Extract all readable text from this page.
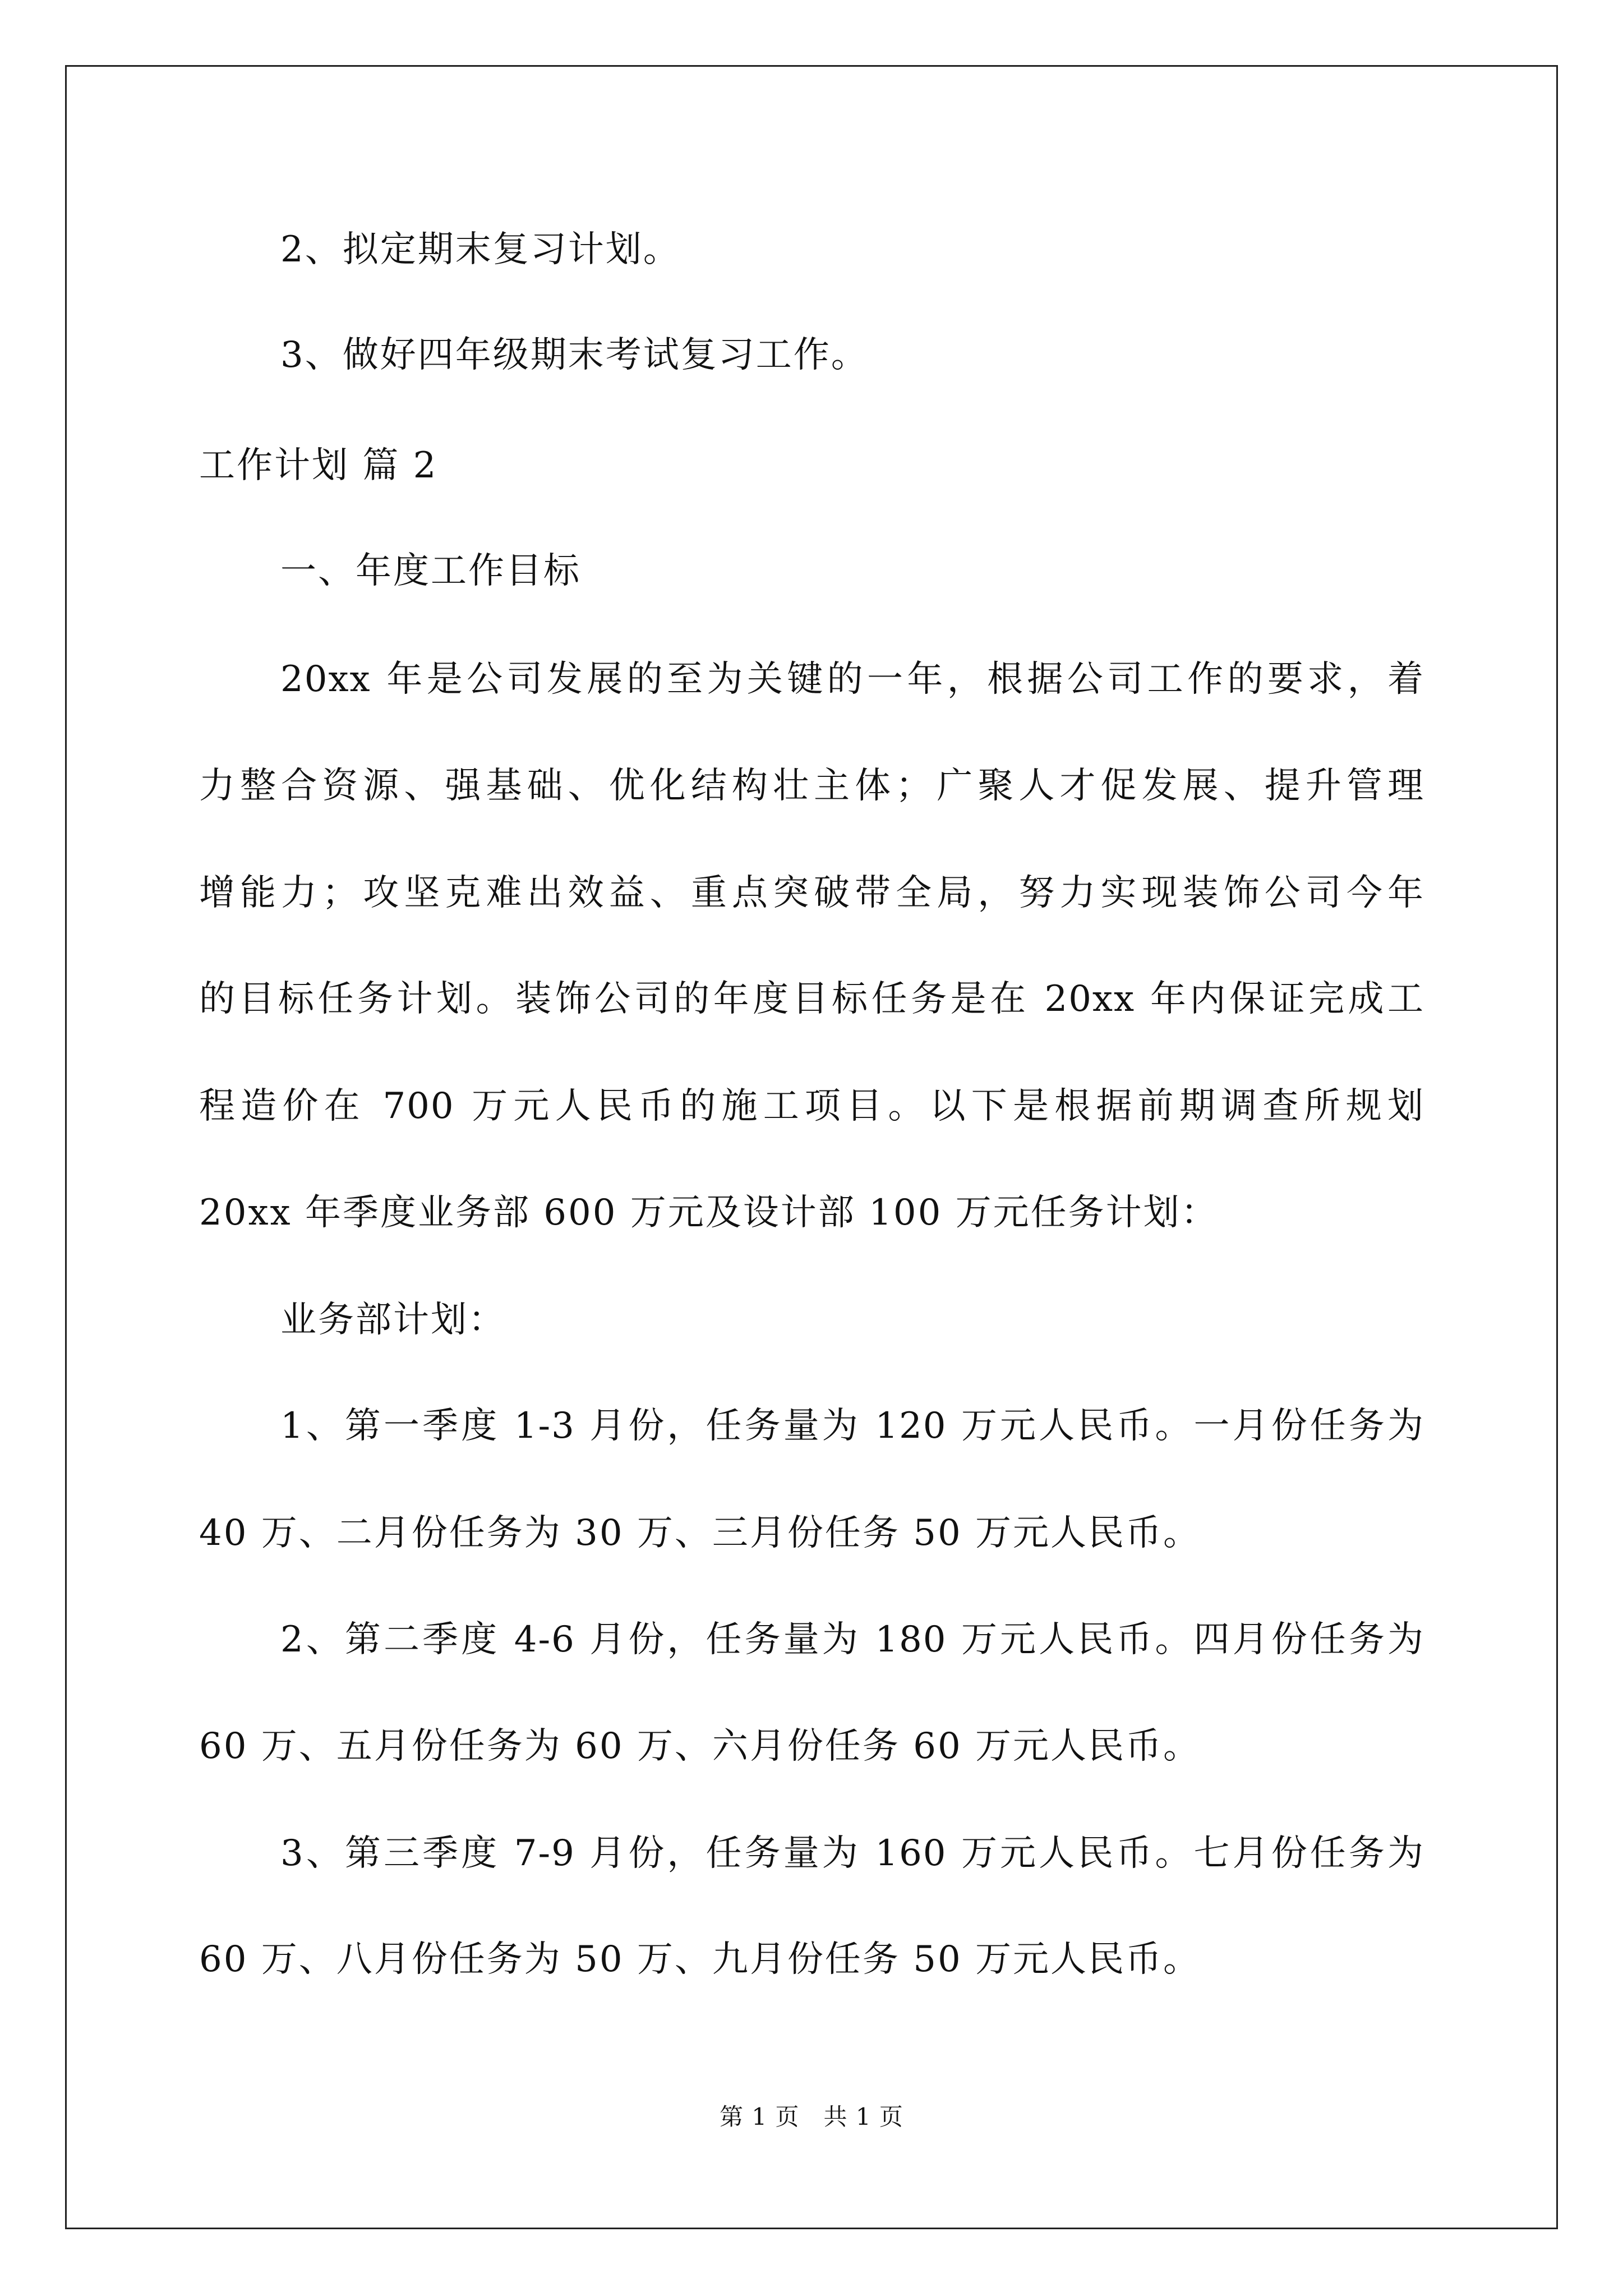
2、拟定期末复习计划。
3、做好四年级期末考试复习工作。
工作计划 篇 2
一、年度工作目标
20xx 年是公司发展的至为关键的一年，根据公司工作的要求，着
力整合资源、强基础、优化结构壮主体；广聚人才促发展、提升管理
增能力；攻坚克难出效益、重点突破带全局，努力实现装饰公司今年
的目标任务计划。装饰公司的年度目标任务是在 20xx 年内保证完成工
程造价在 700 万元人民币的施工项目。以下是根据前期调查所规划
20xx 年季度业务部 600 万元及设计部 100 万元任务计划：
业务部计划：
1、第一季度 1-3 月份，任务量为 120 万元人民币。一月份任务为
40 万、二月份任务为 30 万、三月份任务 50 万元人民币。
2、第二季度 4-6 月份，任务量为 180 万元人民币。四月份任务为
60 万、五月份任务为 60 万、六月份任务 60 万元人民币。
3、第三季度 7-9 月份，任务量为 160 万元人民币。七月份任务为
60 万、八月份任务为 50 万、九月份任务 50 万元人民币。
第 1 页　共 1 页
